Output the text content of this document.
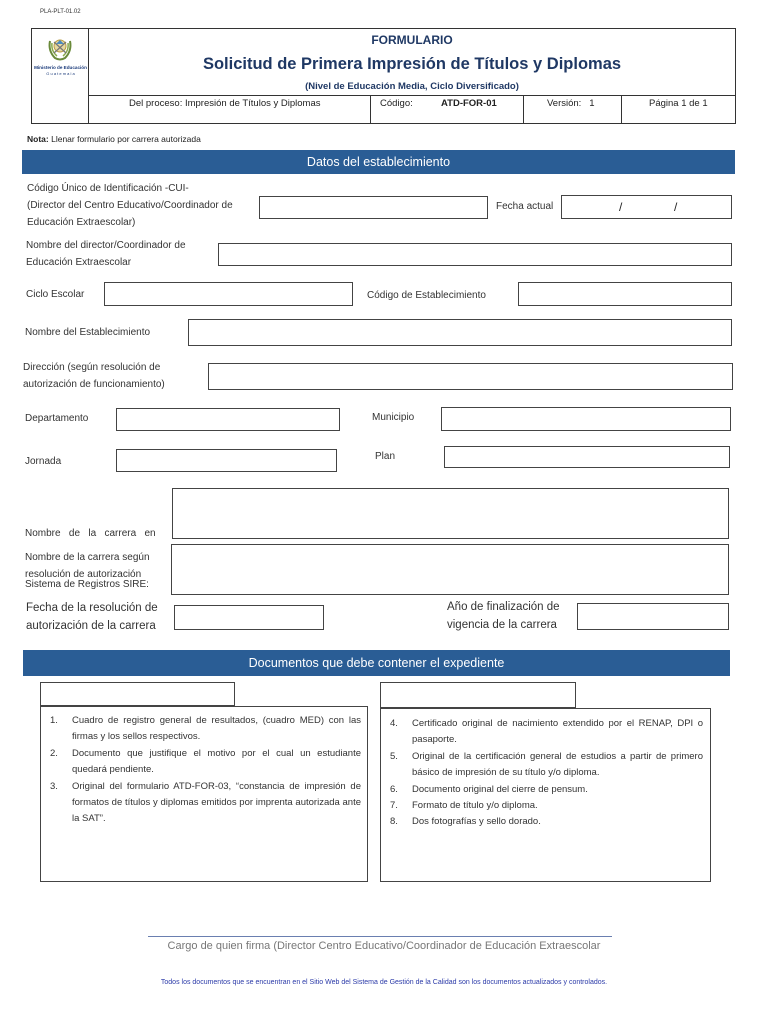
PLA-PLT-01.02
Ministerio de Educación
G u a t e m a l a
FORMULARIO
Solicitud de Primera Impresión de Títulos y Diplomas
(Nivel de Educación Media, Ciclo Diversificado)
Del proceso: Impresión de Títulos y Diplomas	Código:	ATD-FOR-01	Versión:   1	Página 1 de 1
Nota: Llenar formulario por carrera autorizada
Datos del establecimiento
Código Único de Identificación -CUI-
(Director del Centro Educativo/Coordinador de
Educación Extraescolar)
Fecha actual	/	/
Nombre del director/Coordinador de
Educación Extraescolar
Ciclo Escolar	Código de Establecimiento
Nombre del Establecimiento
Dirección (según resolución de
autorización de funcionamiento)
Departamento	Municipio
Jornada	Plan

Nombre   de   la   carrera   en

Sistema de Registros SIRE:

Nombre de la carrera según
resolución de autorización
Fecha de la resolución de
autorización de la carrera
Año de finalización de
vigencia de la carrera
Documentos que debe contener el expediente
1.	Cuadro de registro general de resultados, (cuadro MED) con las firmas y los sellos respectivos.
2.	Documento que justifique el motivo por el cual un estudiante quedará pendiente.
3.	Original del formulario ATD-FOR-03, “constancia de impresión de formatos de títulos y diplomas emitidos por imprenta autorizada ante la SAT”.
4.	Certificado original de nacimiento extendido por el RENAP, DPI o pasaporte.
5.	Original de la certificación general de estudios a partir de primero básico de impresión de su título y/o diploma.
6.	Documento original del cierre de pensum.
7.	Formato de título y/o diploma.
8.	Dos fotografías y sello dorado.
Cargo de quien firma (Director Centro Educativo/Coordinador de Educación Extraescolar
Todos los documentos que se encuentran en el Sitio Web del Sistema de Gestión de la Calidad son los documentos actualizados y controlados.
